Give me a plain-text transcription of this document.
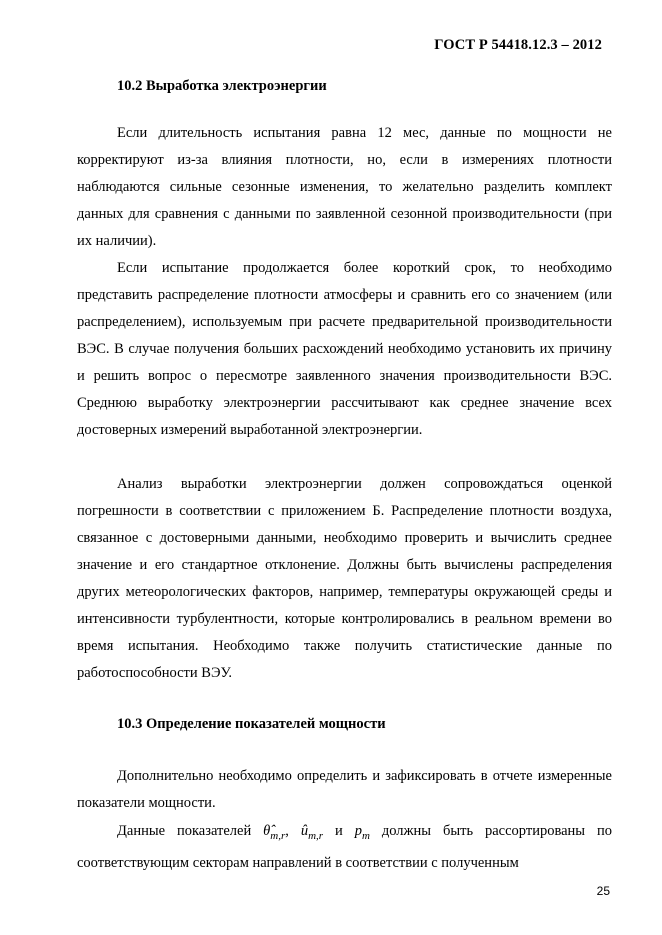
ГОСТ Р 54418.12.3 – 2012
10.2 Выработка электроэнергии

Если длительность испытания равна 12 мес, данные по мощности не корректируют из-за влияния плотности, но, если в измерениях плотности наблюдаются сильные сезонные изменения, то желательно разделить комплект данных для сравнения с данными по заявленной сезонной производительности (при их наличии).

Если испытание продолжается более короткий срок, то необходимо представить распределение плотности атмосферы и сравнить его со значением (или распределением), используемым при расчете предварительной производительности ВЭС. В случае получения больших расхождений необходимо установить их причину и решить вопрос о пересмотре заявленного значения производительности ВЭС. Среднюю выработку электроэнергии рассчитывают как среднее значение всех достоверных измерений выработанной электроэнергии.

Анализ выработки электроэнергии должен сопровождаться оценкой погрешности в соответствии с приложением Б. Распределение плотности воздуха, связанное с достоверными данными, необходимо проверить и вычислить среднее значение и его стандартное отклонение. Должны быть вычислены распределения других метеорологических факторов, например, температуры окружающей среды и интенсивности турбулентности, которые контролировались в реальном времени во время испытания. Необходимо также получить статистические данные по работоспособности ВЭУ.

10.3 Определение показателей мощности

Дополнительно необходимо определить и зафиксировать в отчете измеренные показатели мощности.

Данные показателей $\thetâ_{m,r}$, $û_{m,r}$ и $p_m$ должны быть рассортированы по соответствующим секторам направлений в соответствии с полученным

25
